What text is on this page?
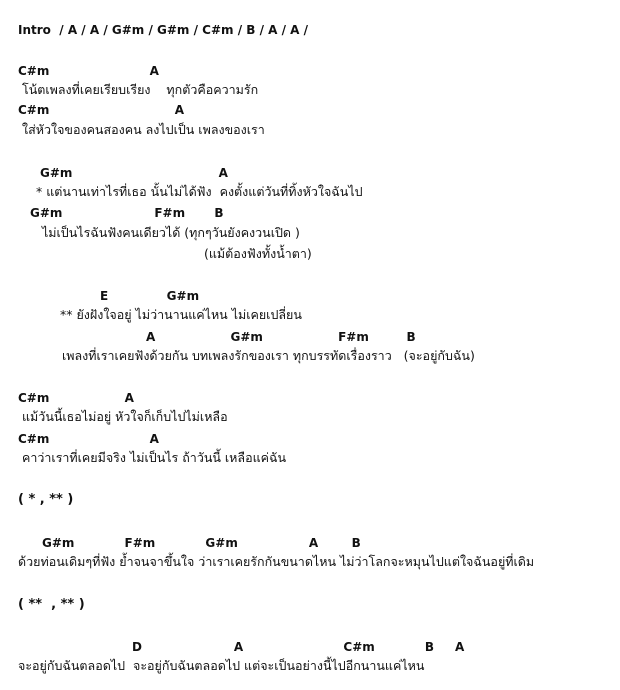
Intro  / A / A / G#m / G#m / C#m / B / A / A /
C#m                        A
โน้ตเพลงที่เคยเรียบเรียง    ทุกตัวคือความรัก
C#m                              A
ใส่หัวใจของคนสองคน ลงไปเป็น เพลงของเรา
G#m                                   A
* แต่นานเท่าไรที่เธอ นั้นไม่ได้ฟัง  คงตั้งแต่วันที่ทิ้งหัวใจฉันไป
G#m                      F#m       B
ไม่เป็นไรฉันฟังคนเดียวได้ (ทุกๆวันยังคงวนเปิด )
(แม้ต้องฟังทั้งน้ำตา)
E              G#m
** ยังฝังใจอยู่ ไม่ว่านานแค่ไหน ไม่เคยเปลี่ยน
A                  G#m                  F#m         B
เพลงที่เราเคยฟังด้วยกัน บทเพลงรักของเรา ทุกบรรทัดเรื่องราว   (จะอยู่กับฉัน)
C#m                  A
แม้วันนี้เธอไม่อยู่ หัวใจก็เก็บไปไม่เหลือ
C#m                        A
คาว่าเราที่เคยมีจริง ไม่เป็นไร ถ้าวันนี้ เหลือแค่ฉัน
( * , ** )
G#m            F#m            G#m                 A        B
ด้วยท่อนเดิมๆที่ฟัง ย้ำจนจาขึ้นใจ ว่าเราเคยรักกันขนาดไหน ไม่ว่าโลกจะหมุนไปแต่ใจฉันอยู่ที่เดิม
( **  , ** )
D                      A                        C#m            B     A
จะอยู่กับฉันตลอดไป  จะอยู่กับฉันตลอดไป แต่จะเป็นอย่างนี้ไปอีกนานแค่ไหน
